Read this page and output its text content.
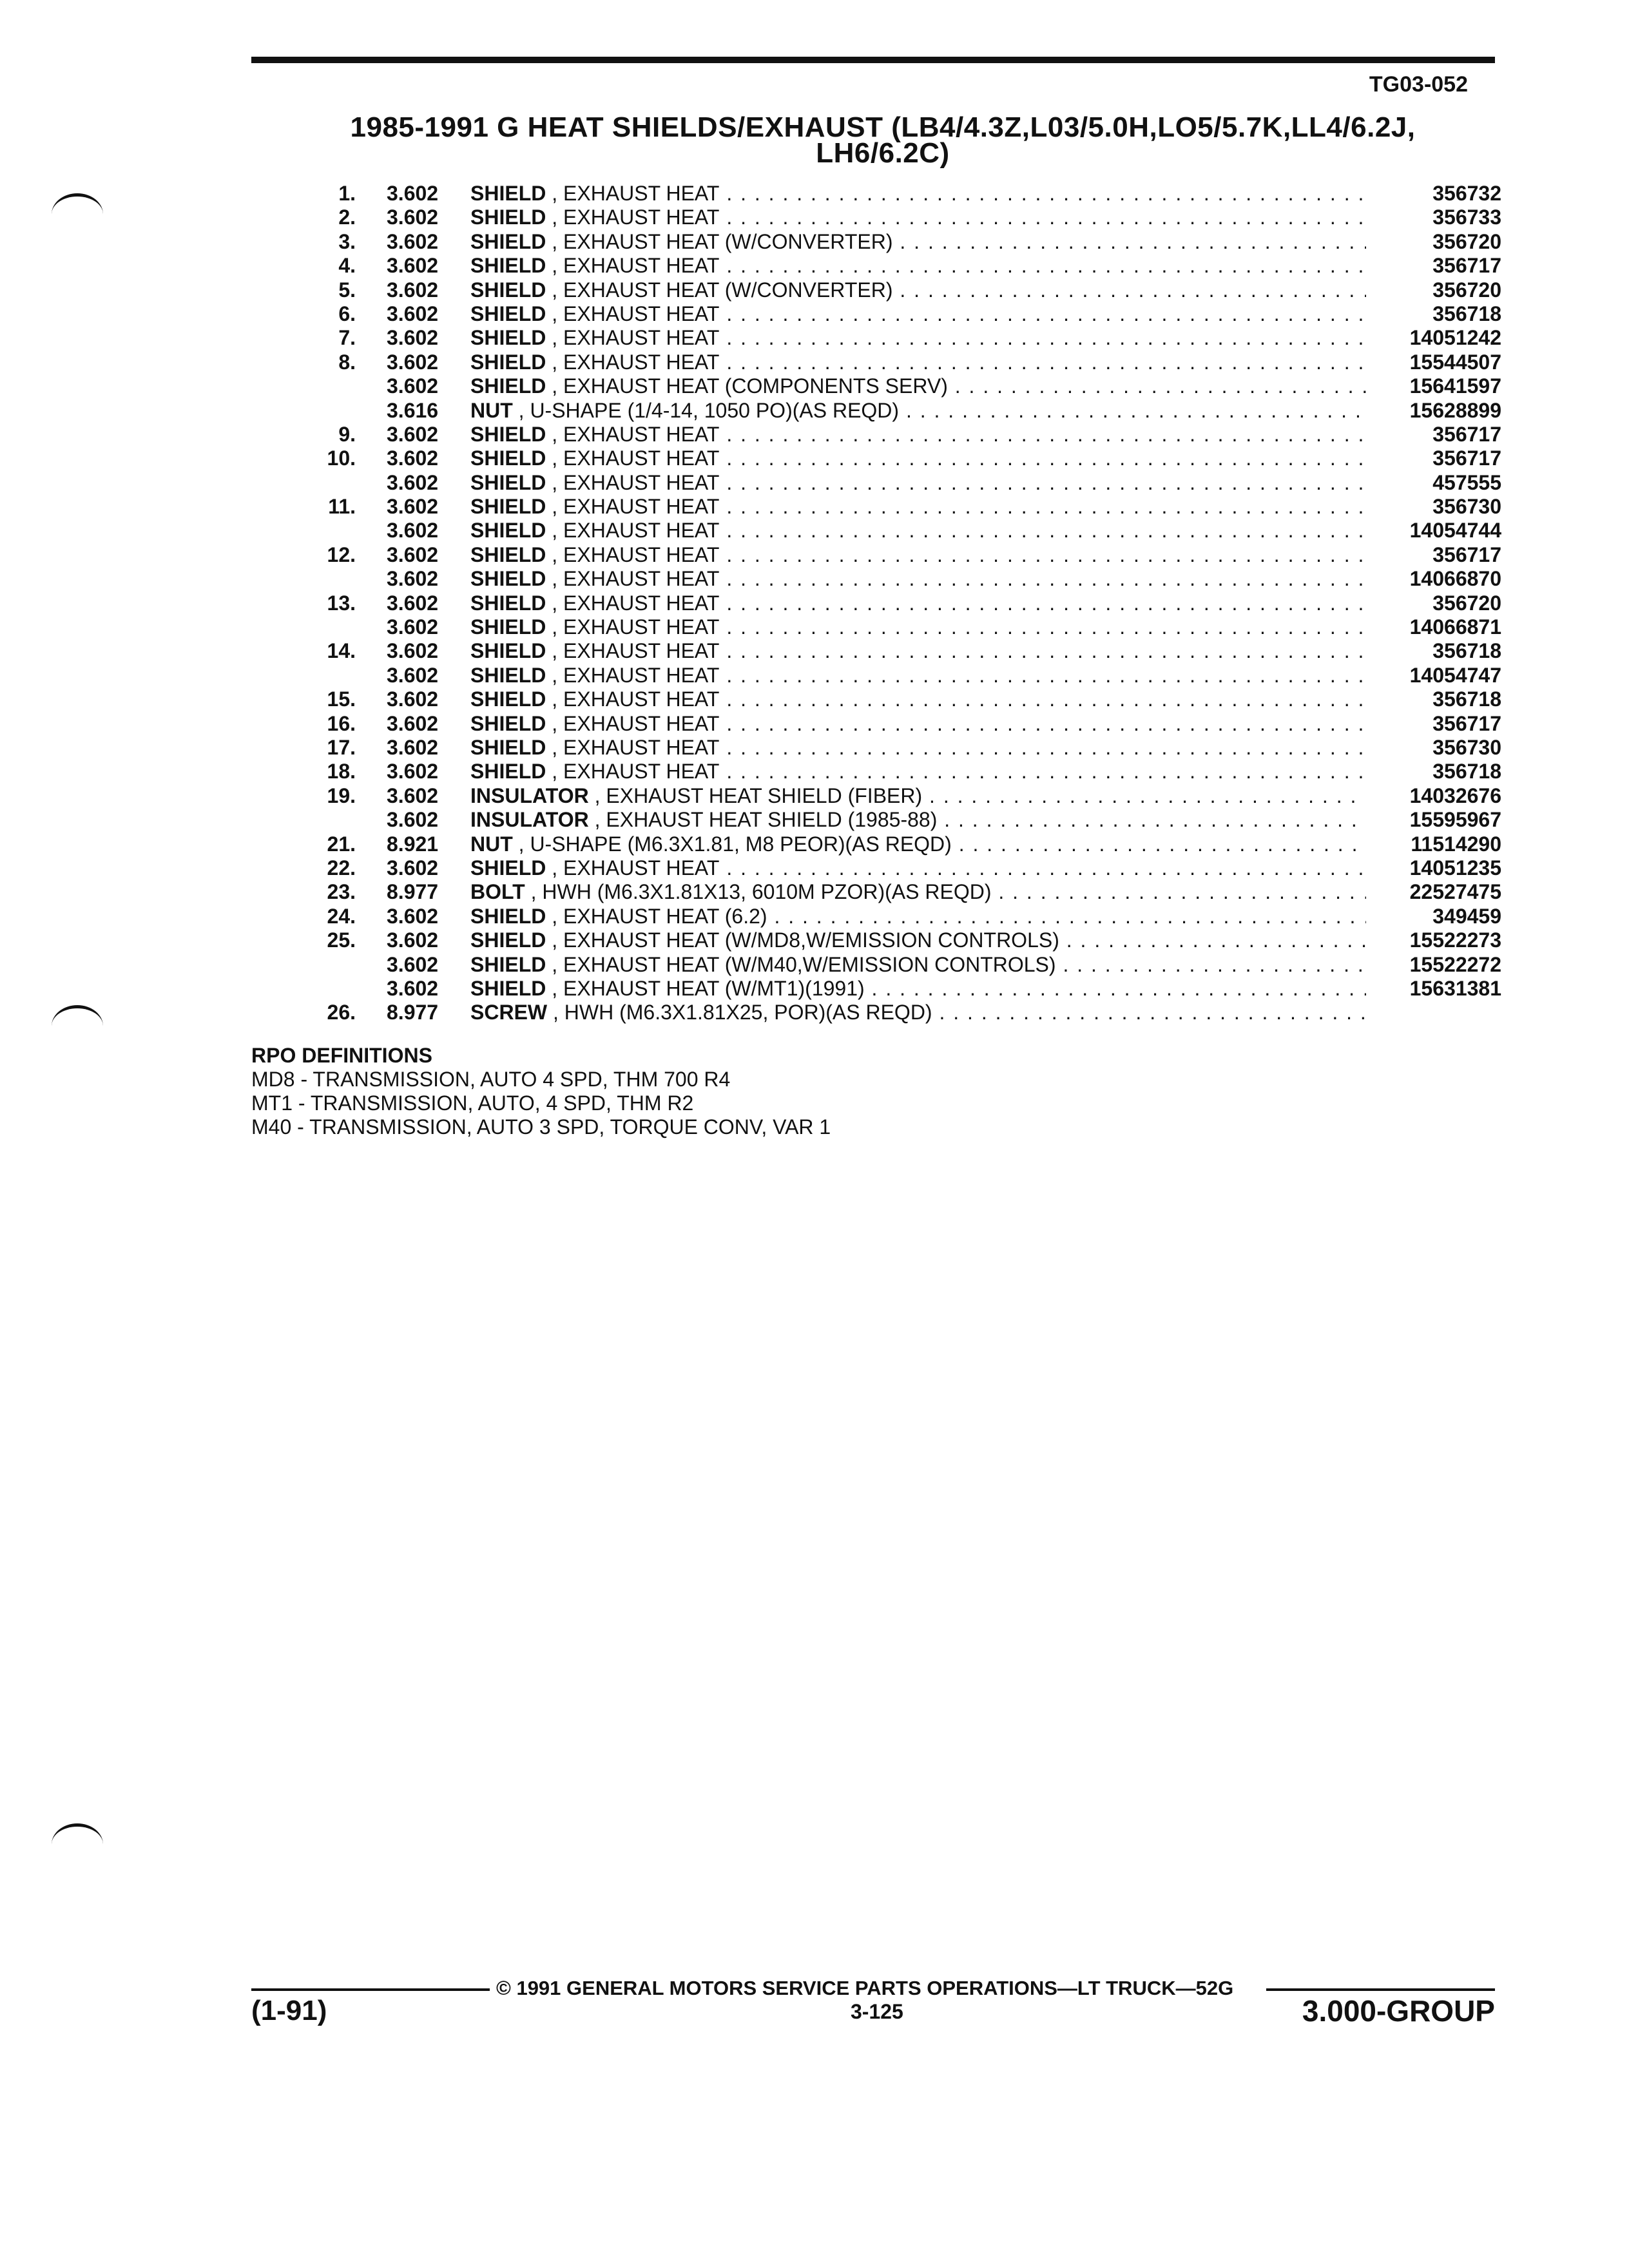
TG03-052
1985-1991 G HEAT SHIELDS/EXHAUST (LB4/4.3Z,L03/5.0H,LO5/5.7K,LL4/6.2J,
LH6/6.2C)
1. 3.602 SHIELD , EXHAUST HEAT . . .	356732
2. 3.602 SHIELD , EXHAUST HEAT . . .	356733
3. 3.602 SHIELD , EXHAUST HEAT (W/CONVERTER) . . .	356720
4. 3.602 SHIELD , EXHAUST HEAT . . .	356717
5. 3.602 SHIELD , EXHAUST HEAT (W/CONVERTER) . . .	356720
6. 3.602 SHIELD , EXHAUST HEAT . . .	356718
7. 3.602 SHIELD , EXHAUST HEAT . . .	14051242
8. 3.602 SHIELD , EXHAUST HEAT . . .	15544507
3.602 SHIELD , EXHAUST HEAT (COMPONENTS SERV) . . .	15641597
3.616 NUT , U-SHAPE (1/4-14, 1050 PO)(AS REQD) . . .	15628899
9. 3.602 SHIELD , EXHAUST HEAT . . .	356717
10. 3.602 SHIELD , EXHAUST HEAT . . .	356717
3.602 SHIELD , EXHAUST HEAT . . .	457555
11. 3.602 SHIELD , EXHAUST HEAT . . .	356730
3.602 SHIELD , EXHAUST HEAT . . .	14054744
12. 3.602 SHIELD , EXHAUST HEAT . . .	356717
3.602 SHIELD , EXHAUST HEAT . . .	14066870
13. 3.602 SHIELD , EXHAUST HEAT . . .	356720
3.602 SHIELD , EXHAUST HEAT . . .	14066871
14. 3.602 SHIELD , EXHAUST HEAT . . .	356718
3.602 SHIELD , EXHAUST HEAT . . .	14054747
15. 3.602 SHIELD , EXHAUST HEAT . . .	356718
16. 3.602 SHIELD , EXHAUST HEAT . . .	356717
17. 3.602 SHIELD , EXHAUST HEAT . . .	356730
18. 3.602 SHIELD , EXHAUST HEAT . . .	356718
19. 3.602 INSULATOR , EXHAUST HEAT SHIELD (FIBER) . . .	14032676
3.602 INSULATOR , EXHAUST HEAT SHIELD (1985-88) . . .	15595967
21. 8.921 NUT , U-SHAPE (M6.3X1.81, M8 PEOR)(AS REQD) . . .	11514290
22. 3.602 SHIELD , EXHAUST HEAT . . .	14051235
23. 8.977 BOLT , HWH (M6.3X1.81X13, 6010M PZOR)(AS REQD) . . .	22527475
24. 3.602 SHIELD , EXHAUST HEAT (6.2) . . .	349459
25. 3.602 SHIELD , EXHAUST HEAT (W/MD8,W/EMISSION CONTROLS) . . .	15522273
3.602 SHIELD , EXHAUST HEAT (W/M40,W/EMISSION CONTROLS) . . .	15522272
3.602 SHIELD , EXHAUST HEAT (W/MT1)(1991) . . .	15631381
26. 8.977 SCREW , HWH (M6.3X1.81X25, POR)(AS REQD) . . .
RPO DEFINITIONS
MD8 - TRANSMISSION, AUTO 4 SPD, THM 700 R4
MT1 - TRANSMISSION, AUTO, 4 SPD, THM R2
M40 - TRANSMISSION, AUTO 3 SPD, TORQUE CONV, VAR 1
© 1991 GENERAL MOTORS SERVICE PARTS OPERATIONS—LT TRUCK—52G
(1-91)	3-125	3.000-GROUP
